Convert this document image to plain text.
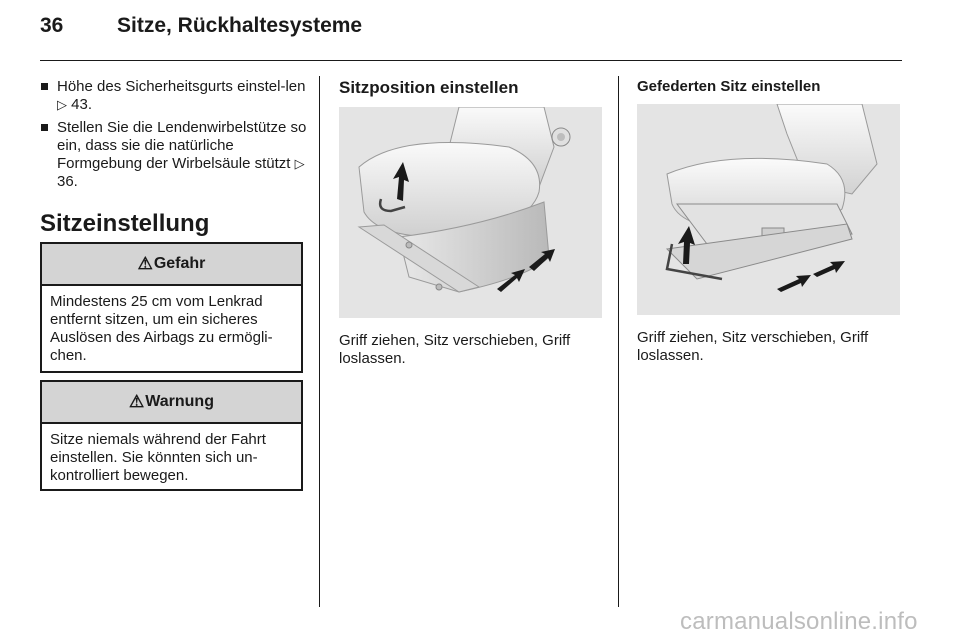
36	Sitze, Rückhaltesysteme
Höhe des Sicherheitsgurts einstel-len ▷ 43.
Stellen Sie die Lendenwirbelstütze so ein, dass sie die natürliche Formgebung der Wirbelsäule stützt ▷ 36.
Sitzeinstellung
⚠ Gefahr
Mindestens 25 cm vom Lenkrad entfernt sitzen, um ein sicheres Auslösen des Airbags zu ermögli-chen.
⚠ Warnung
Sitze niemals während der Fahrt einstellen. Sie könnten sich un-kontrolliert bewegen.
Sitzposition einstellen
Griff ziehen, Sitz verschieben, Griff loslassen.
Gefederten Sitz einstellen
Griff ziehen, Sitz verschieben, Griff loslassen.
carmanualsonline.info
